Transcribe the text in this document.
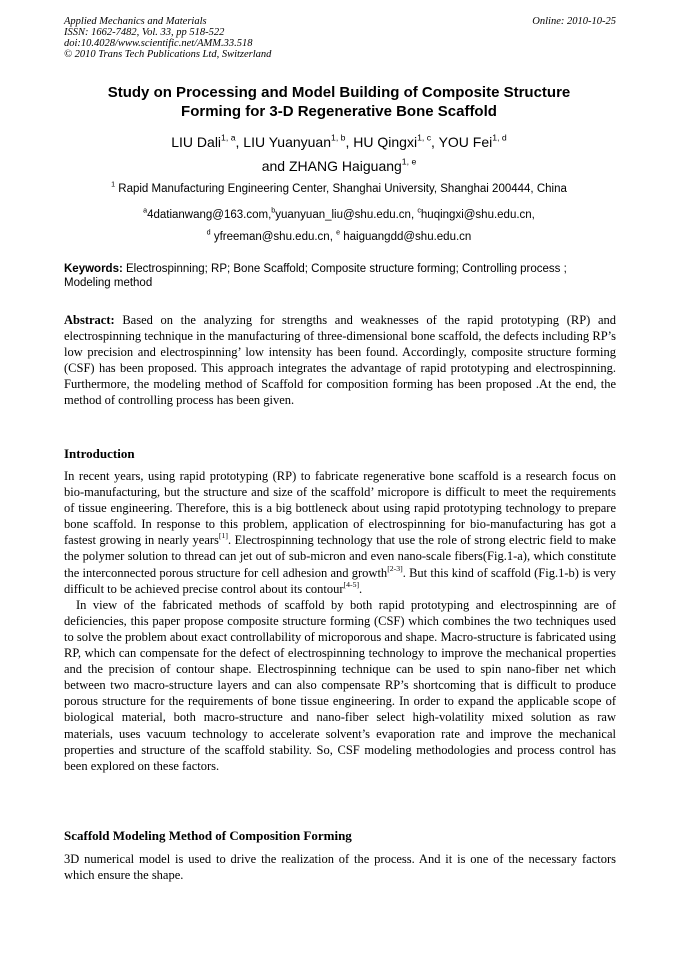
Applied Mechanics and Materials
ISSN: 1662-7482, Vol. 33, pp 518-522
doi:10.4028/www.scientific.net/AMM.33.518
© 2010 Trans Tech Publications Ltd, Switzerland
Online: 2010-10-25
Study on Processing and Model Building of Composite Structure
Forming for 3-D Regenerative Bone Scaffold
LIU Dali$^{1, a}$, LIU Yuanyuan$^{1, b}$, HU Qingxi$^{1, c}$, YOU Fei$^{1, d}$
and ZHANG Haiguang$^{1, e}$
$^1$ Rapid Manufacturing Engineering Center, Shanghai University, Shanghai 200444, China
$^a$4datianwang@163.com,$^b$yuanyuan_liu@shu.edu.cn, $^c$huqingxi@shu.edu.cn,
$^d$ yfreeman@shu.edu.cn, $^e$ haiguangdd@shu.edu.cn
Keywords: Electrospinning; RP; Bone Scaffold; Composite structure forming; Controlling process ; Modeling method
Abstract: Based on the analyzing for strengths and weaknesses of the rapid prototyping (RP) and electrospinning technique in the manufacturing of three-dimensional bone scaffold, the defects including RP’s low precision and electrospinning’ low intensity has been found. Accordingly, composite structure forming (CSF) has been proposed. This approach integrates the advantage of rapid prototyping and electrospinning. Furthermore, the modeling method of Scaffold for composition forming has been proposed .At the end, the method of controlling process has been given.
Introduction

In recent years, using rapid prototyping (RP) to fabricate regenerative bone scaffold is a research focus on bio-manufacturing, but the structure and size of the scaffold’ micropore is difficult to meet the requirements of tissue engineering. Therefore, this is a big bottleneck about using rapid prototyping technology to prepare bone scaffold. In response to this problem, application of electrospinning for bio-manufacturing has got a fastest growing in nearly years[1]. Electrospinning technology that use the role of strong electric field to make the polymer solution to thread can jet out of sub-micron and even nano-scale fibers(Fig.1-a), which constitute the interconnected porous structure for cell adhesion and growth[2-3]. But this kind of scaffold (Fig.1-b) is very difficult to be achieved precise control about its contour[4-5].

In view of the fabricated methods of scaffold by both rapid prototyping and electrospinning are of deficiencies, this paper propose composite structure forming (CSF) which combines the two techniques used to solve the problem about exact controllability of microporous and shape. Macro-structure is fabricated using RP, which can compensate for the defect of electrospinning technology to improve the mechanical properties and the precision of contour shape. Electrospinning technique can be used to spin nano-fiber net which between two macro-structure layers and can also compensate RP’s shortcoming that is difficult to produce porous structure for the requirements of bone tissue engineering. In order to expand the applicable scope of biological material, both macro-structure and nano-fiber select high-volatility mixed solution as raw materials, uses vacuum technology to accelerate solvent’s evaporation rate and improve the mechanical properties and structure of the scaffold stability. So, CSF modeling methodologies and process control has been explored on these factors.

Scaffold Modeling Method of Composition Forming
3D numerical model is used to drive the realization of the process. And it is one of the necessary factors which ensure the shape.
